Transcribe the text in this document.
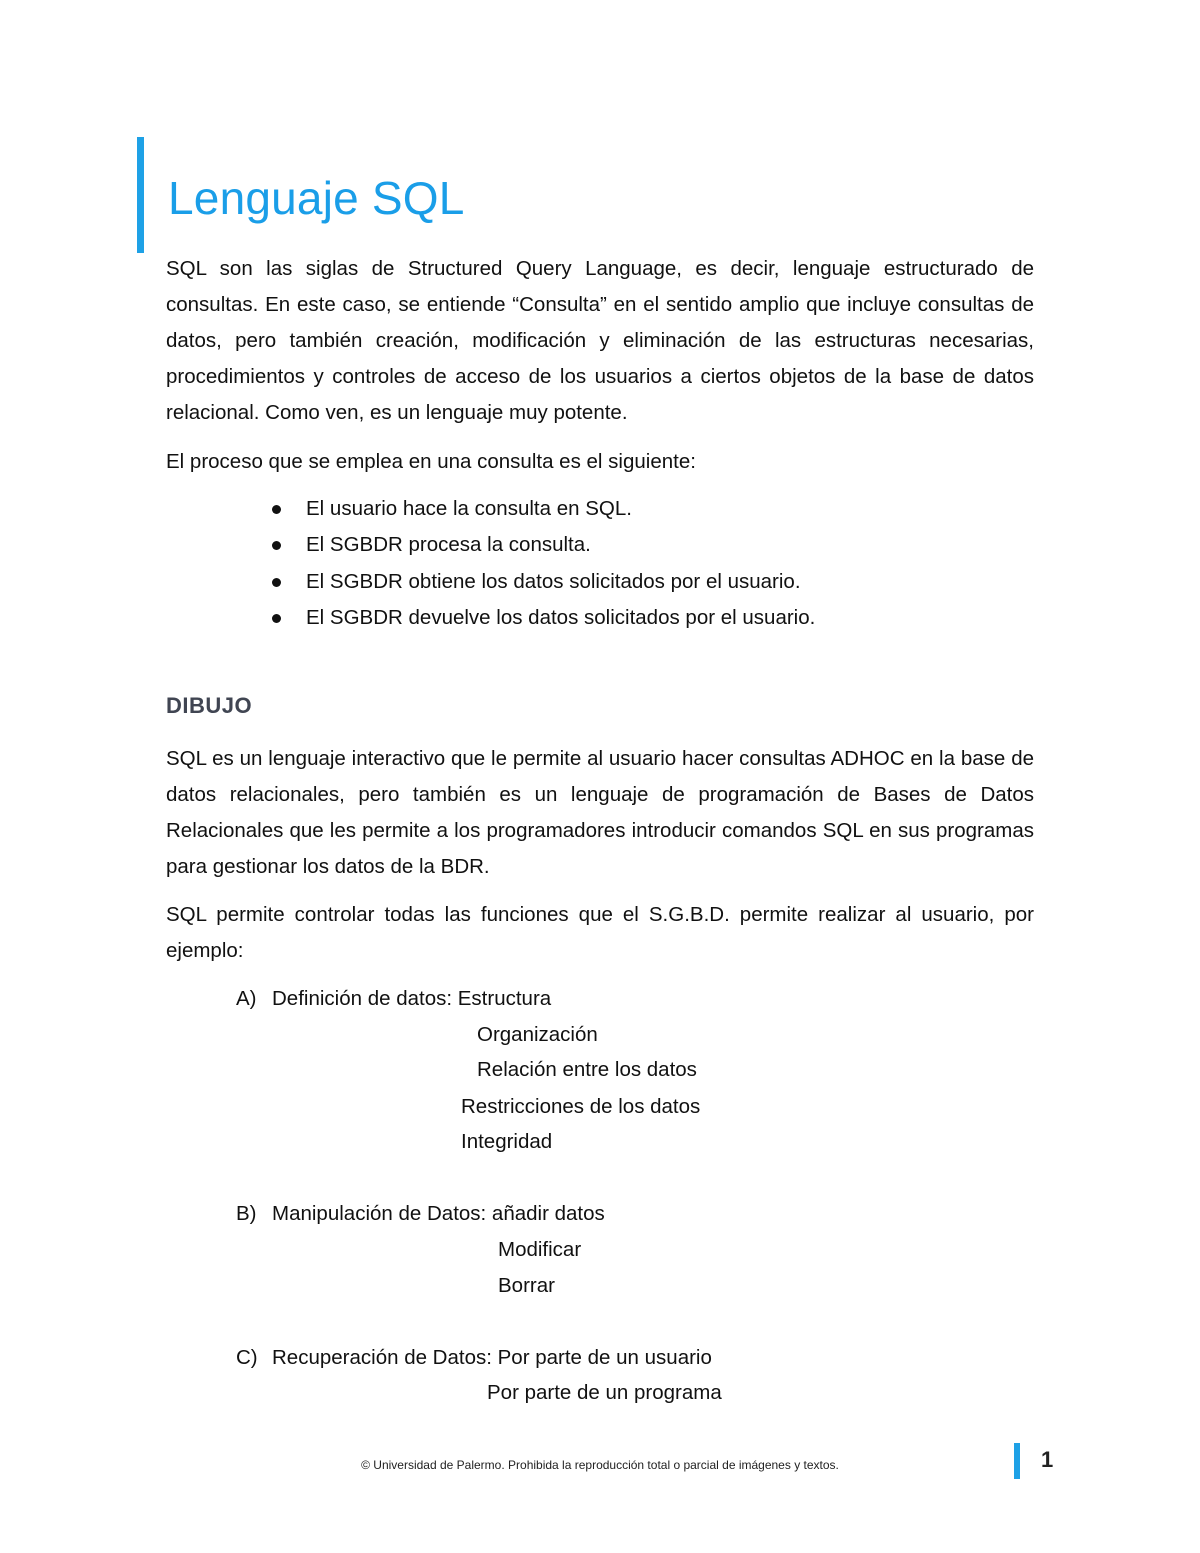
Lenguaje SQL

SQL son las siglas de Structured Query Language, es decir, lenguaje estructurado de consultas. En este caso, se entiende “Consulta” en el sentido amplio que incluye consultas de datos, pero también creación, modificación y eliminación de las estructuras necesarias, procedimientos y controles de acceso de los usuarios a ciertos objetos de la base de datos relacional. Como ven, es un lenguaje muy potente.

El proceso que se emplea en una consulta es el siguiente:
El usuario hace la consulta en SQL.
El SGBDR procesa la consulta.
El SGBDR obtiene los datos solicitados por el usuario.
El SGBDR devuelve los datos solicitados por el usuario.
DIBUJO

SQL es un lenguaje interactivo que le permite al usuario hacer consultas ADHOC en la base de datos relacionales, pero también es un lenguaje de programación de Bases de Datos Relacionales que les permite a los programadores introducir comandos SQL en sus programas para gestionar los datos de la BDR.

SQL permite controlar todas las funciones que el S.G.B.D. permite realizar al usuario, por ejemplo:

A) Definición de datos: Estructura
Organización
Relación entre los datos
Restricciones de los datos
Integridad
B) Manipulación de Datos: añadir datos
Modificar
Borrar
C) Recuperación de Datos: Por parte de un usuario
Por parte de un programa
© Universidad de Palermo. Prohibida la reproducción total o parcial de imágenes y textos.	1
